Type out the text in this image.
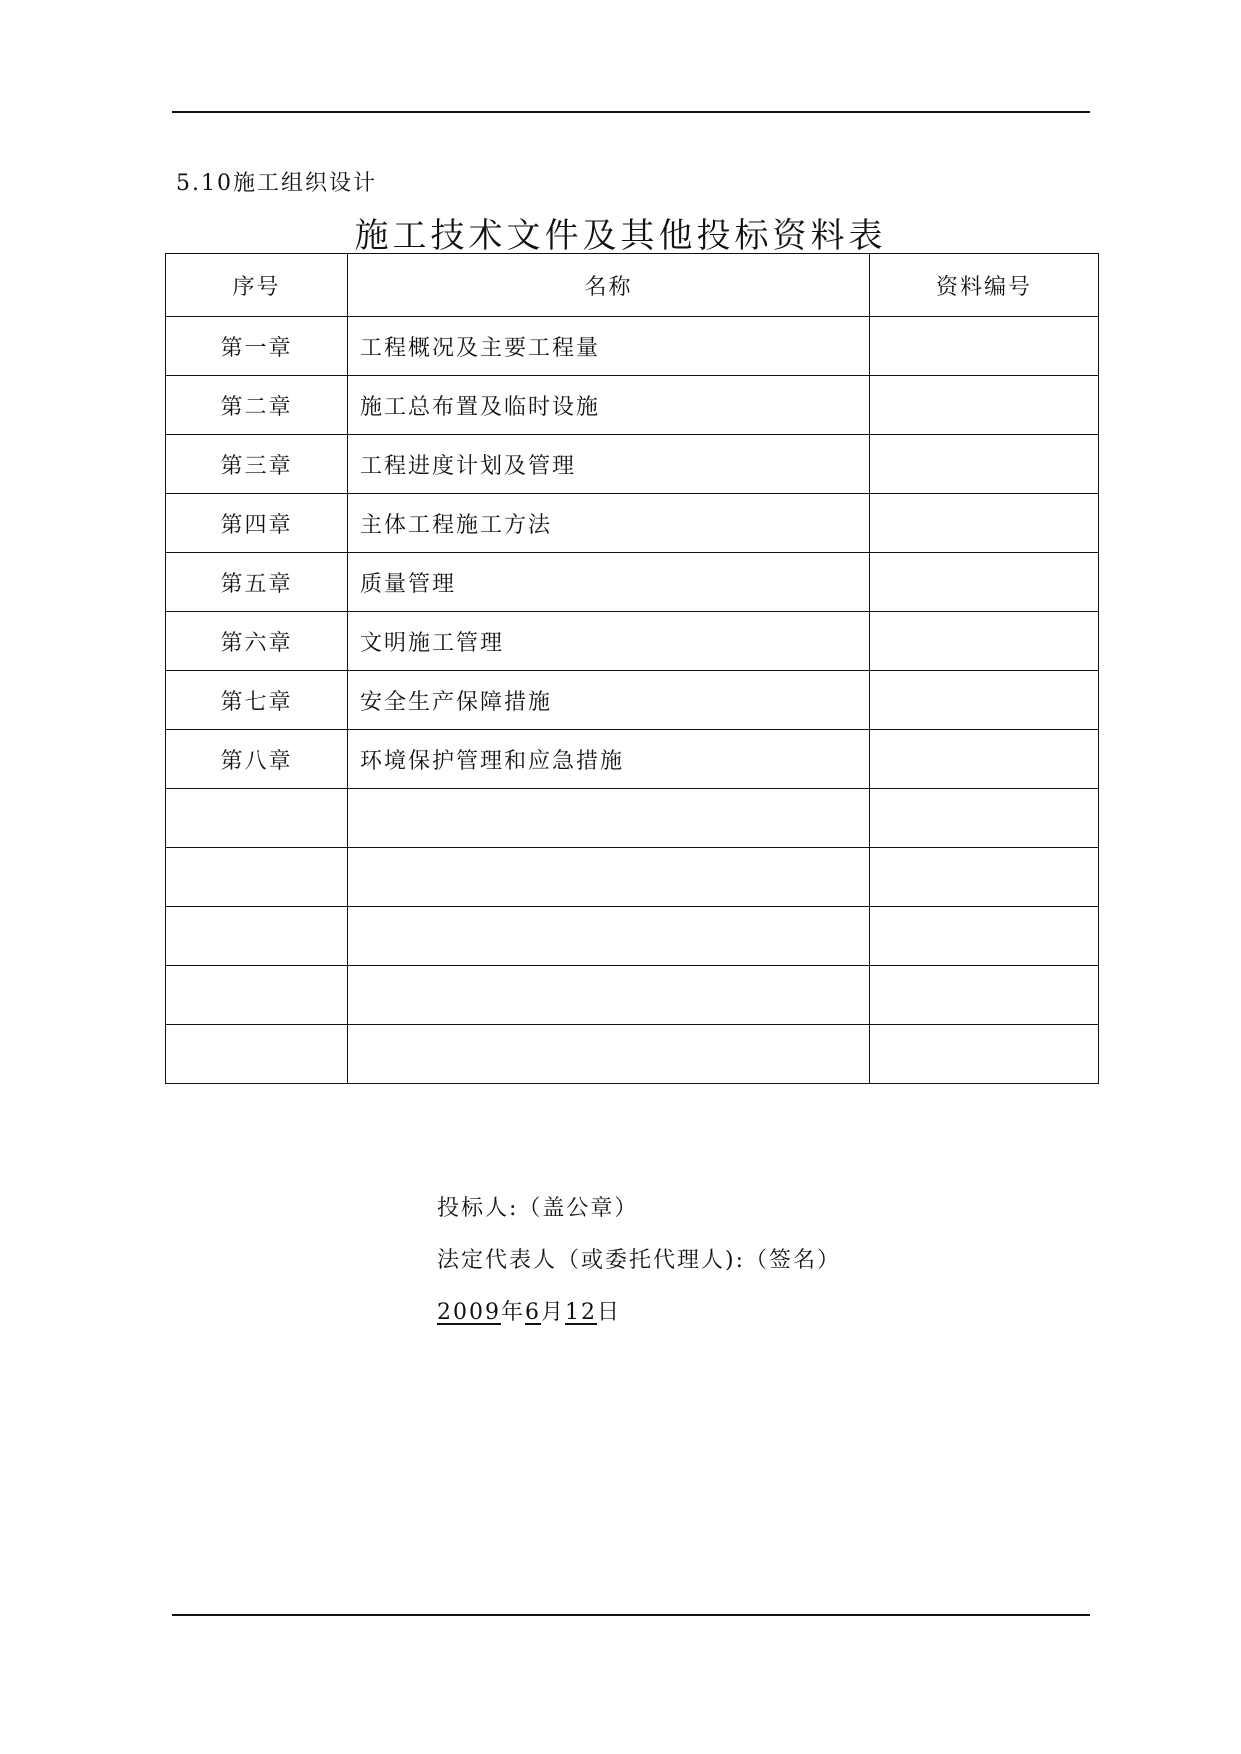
5.10施工组织设计
施工技术文件及其他投标资料表
序号	名称	资料编号
第一章	工程概况及主要工程量	
第二章	施工总布置及临时设施	
第三章	工程进度计划及管理	
第四章	主体工程施工方法	
第五章	质量管理	
第六章	文明施工管理	
第七章	安全生产保障措施	
第八章	环境保护管理和应急措施	

投标人:（盖公章）
法定代表人（或委托代理人):（签名）
2009年6月12日
